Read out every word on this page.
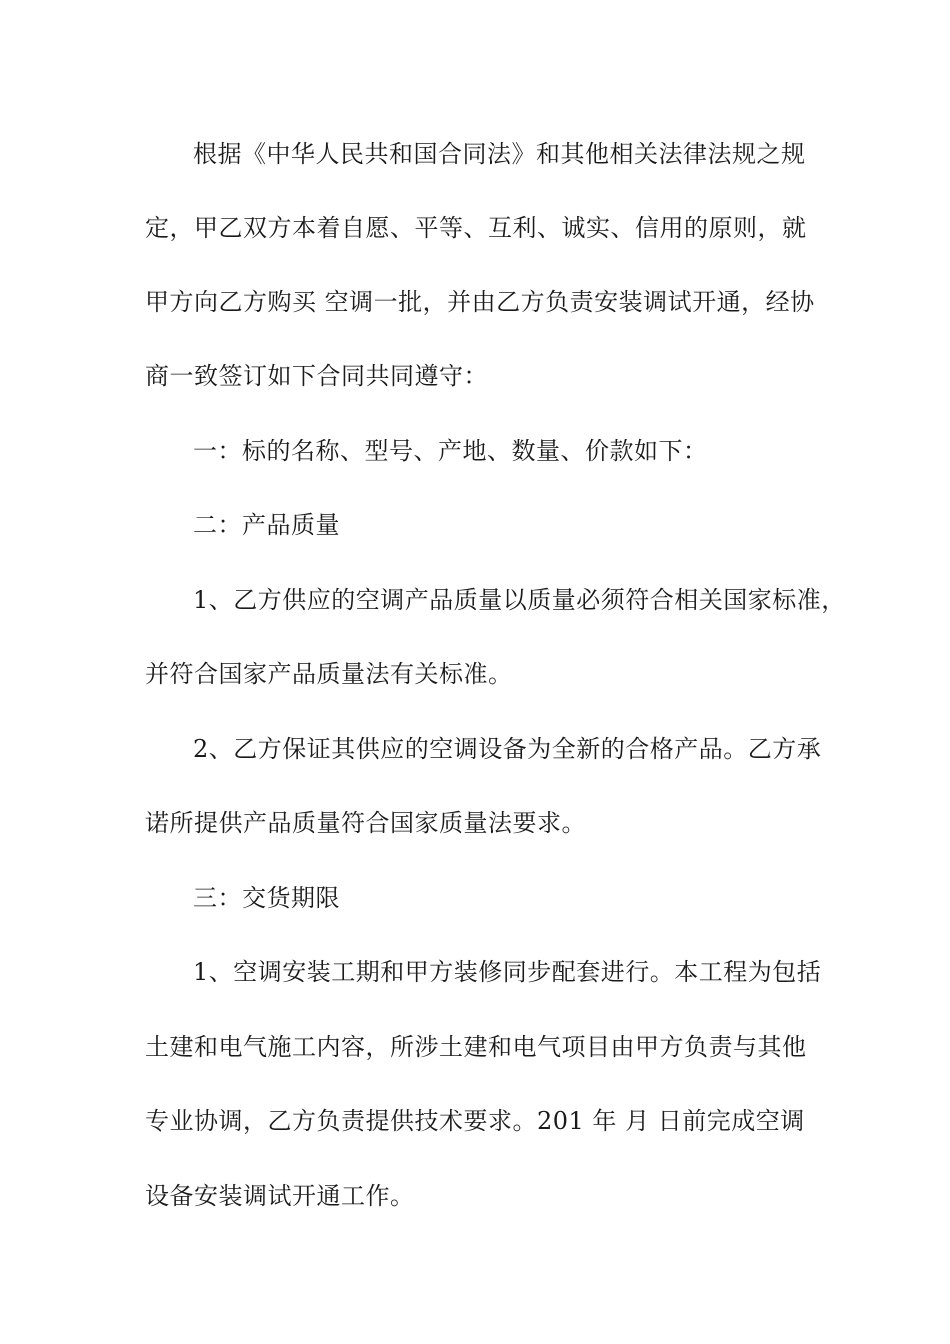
根据《中华人民共和国合同法》和其他相关法律法规之规
定，甲乙双方本着自愿、平等、互利、诚实、信用的原则，就
甲方向乙方购买 空调一批，并由乙方负责安装调试开通，经协
商一致签订如下合同共同遵守：
一：标的名称、型号、产地、数量、价款如下：
二：产品质量
1、乙方供应的空调产品质量以质量必须符合相关国家标准，
并符合国家产品质量法有关标准。
2、乙方保证其供应的空调设备为全新的合格产品。乙方承
诺所提供产品质量符合国家质量法要求。
三：交货期限
1、空调安装工期和甲方装修同步配套进行。本工程为包括
土建和电气施工内容，所涉土建和电气项目由甲方负责与其他
专业协调，乙方负责提供技术要求。201 年 月 日前完成空调
设备安装调试开通工作。
